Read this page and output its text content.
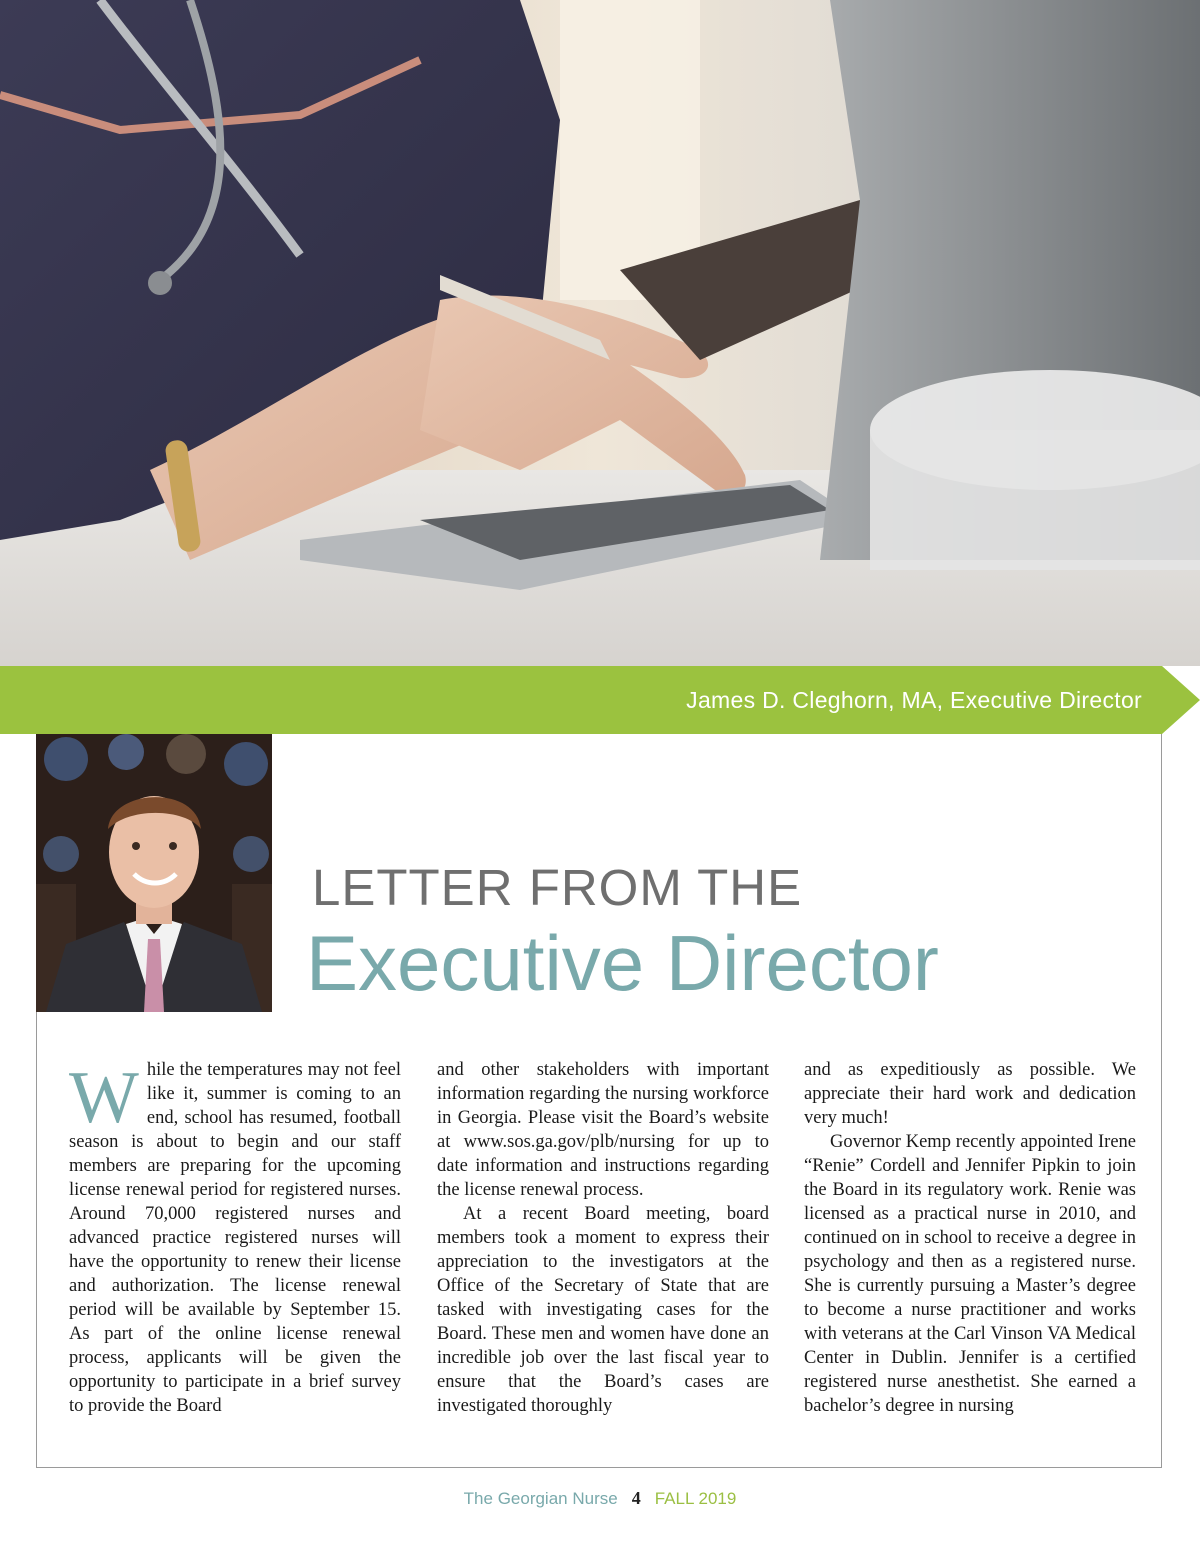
James D. Cleghorn, MA, Executive Director
LETTER FROM THE
Executive Director
W hile the temperatures may not feel like it, summer is coming to an end, school has resumed, football season is about to begin and our staff members are preparing for the upcoming license renewal period for registered nurses. Around 70,000 registered nurses and advanced practice registered nurses will have the opportunity to renew their license and authorization. The license renewal period will be available by September 15. As part of the online license renewal process, applicants will be given the opportunity to participate in a brief survey to provide the Board

and other stakeholders with important information regarding the nursing workforce in Georgia. Please visit the Board’s website at www.sos.ga.gov/plb/nursing for up to date information and instructions regarding the license renewal process.

At a recent Board meeting, board members took a moment to express their appreciation to the investigators at the Office of the Secretary of State that are tasked with investigating cases for the Board. These men and women have done an incredible job over the last fiscal year to ensure that the Board’s cases are investigated thoroughly

and as expeditiously as possible. We appreciate their hard work and dedication very much!

Governor Kemp recently appointed Irene “Renie” Cordell and Jennifer Pipkin to join the Board in its regulatory work. Renie was licensed as a practical nurse in 2010, and continued on in school to receive a degree in psychology and then as a registered nurse. She is currently pursuing a Master’s degree to become a nurse practitioner and works with veterans at the Carl Vinson VA Medical Center in Dublin. Jennifer is a certified registered nurse anesthetist. She earned a bachelor’s degree in nursing

The Georgian Nurse 4 FALL 2019
